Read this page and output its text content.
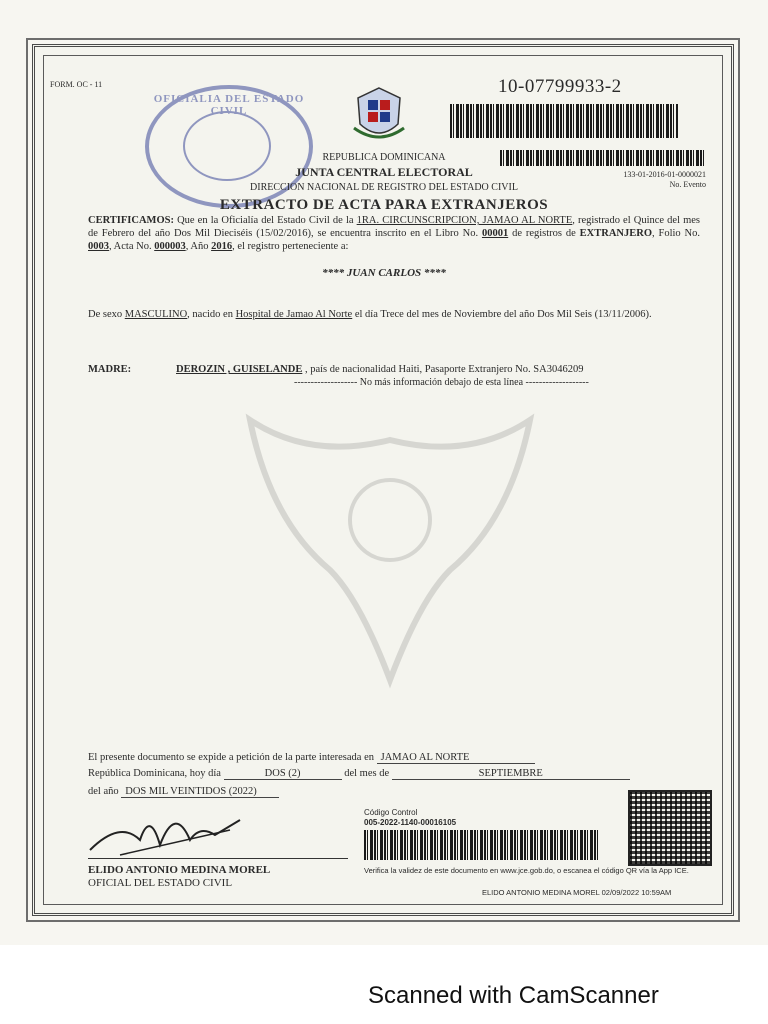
FORM. OC - 11
OFICIALIA DEL ESTADO CIVIL
10-07799933-2
133-01-2016-01-0000021
No. Evento
REPUBLICA DOMINICANA
JUNTA CENTRAL ELECTORAL
DIRECCION NACIONAL DE REGISTRO DEL ESTADO CIVIL
EXTRACTO DE ACTA PARA EXTRANJEROS
CERTIFICAMOS: Que en la Oficialía del Estado Civil de la 1RA. CIRCUNSCRIPCION, JAMAO AL NORTE, registrado el Quince del mes de Febrero del año Dos Mil Dieciséis (15/02/2016), se encuentra inscrito en el Libro No. 00001 de registros de EXTRANJERO, Folio No. 0003, Acta No. 000003, Año 2016, el registro perteneciente a:
**** JUAN CARLOS ****
De sexo MASCULINO, nacido en Hospital de Jamao Al Norte el día Trece del mes de Noviembre del año Dos Mil Seis (13/11/2006).
MADRE:	DEROZIN , GUISELANDE , país de nacionalidad Haiti, Pasaporte Extranjero No. SA3046209
------------------- No más información debajo de esta línea -------------------
El presente documento se expide a petición de la parte interesada en JAMAO AL NORTE
República Dominicana, hoy día	DOS (2)	del mes de	SEPTIEMBRE
del año DOS MIL VEINTIDOS (2022)
ELIDO ANTONIO MEDINA MOREL
OFICIAL DEL ESTADO CIVIL
Código Control
005-2022-1140-00016105
Verifica la validez de este documento en www.jce.gob.do, o escanea el código QR vía la App ICE.
ELIDO ANTONIO MEDINA MOREL 02/09/2022 10:59AM
Scanned with CamScanner
